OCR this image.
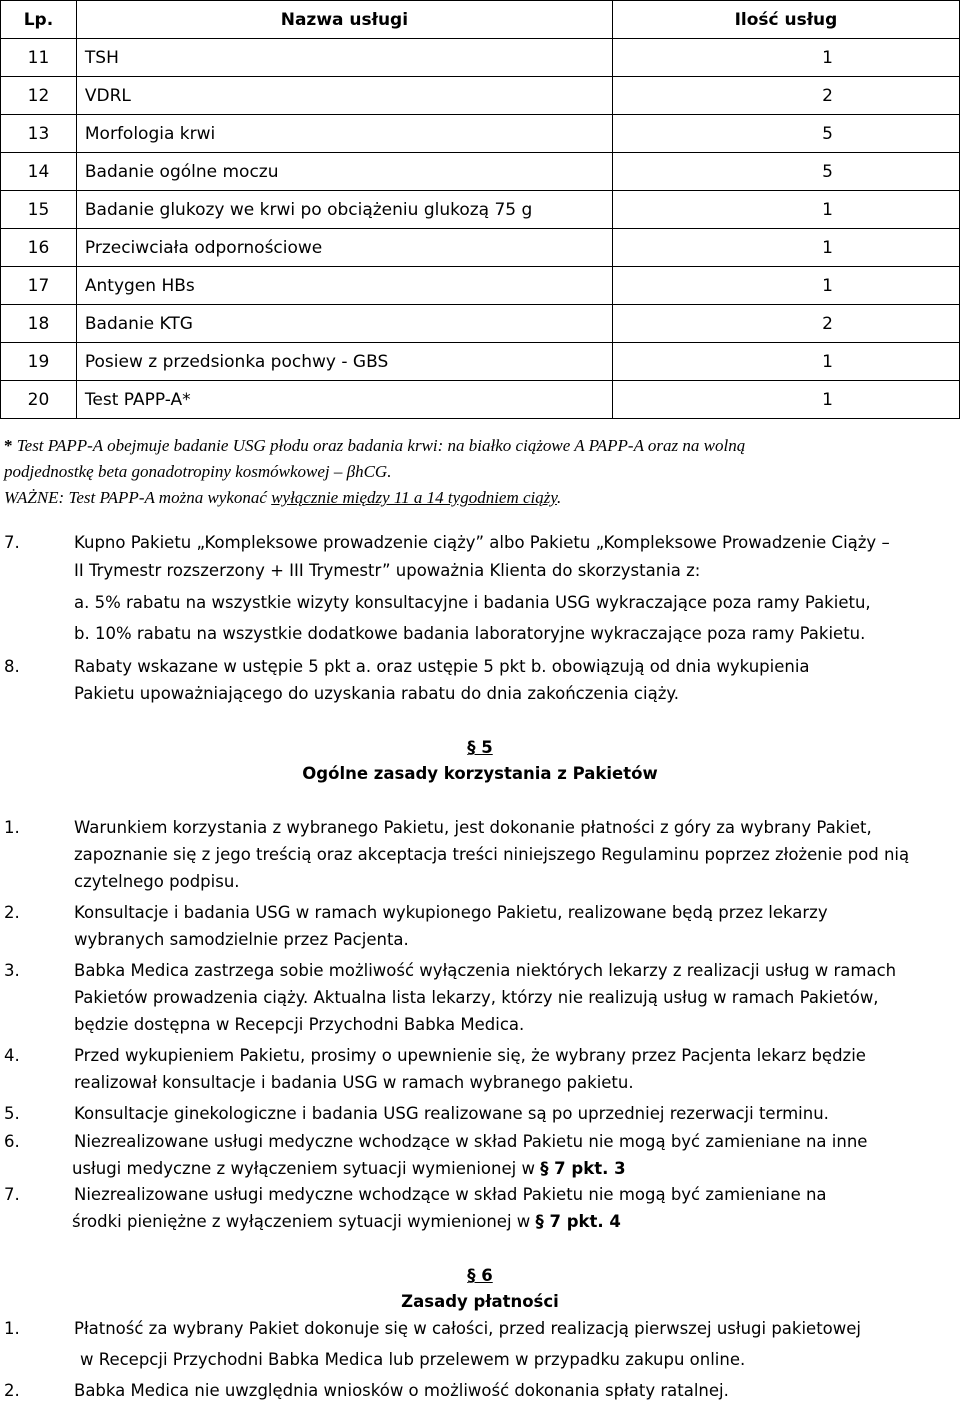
Lp.	Nazwa usługi	Ilość usług
11	TSH	1
12	VDRL	2
13	Morfologia krwi	5
14	Badanie ogólne moczu	5
15	Badanie glukozy we krwi po obciążeniu glukozą 75 g	1
16	Przeciwciała odpornościowe	1
17	Antygen HBs	1
18	Badanie KTG	2
19	Posiew z przedsionka pochwy - GBS	1
20	Test PAPP-A*	1
* Test PAPP-A obejmuje badanie USG płodu oraz badania krwi: na białko ciążowe A PAPP-A oraz na wolną
podjednostkę beta gonadotropiny kosmówkowej – βhCG.
WAŻNE: Test PAPP-A można wykonać wyłącznie między 11 a 14 tygodniem ciąży.
7.	Kupno Pakietu „Kompleksowe prowadzenie ciąży” albo Pakietu „Kompleksowe Prowadzenie Ciąży –
II Trymestr rozszerzony + III Trymestr” upoważnia Klienta do skorzystania z:
a. 5% rabatu na wszystkie wizyty konsultacyjne i badania USG wykraczające poza ramy Pakietu,
b. 10% rabatu na wszystkie dodatkowe badania laboratoryjne wykraczające poza ramy Pakietu.
8.	Rabaty wskazane w ustępie 5 pkt a. oraz ustępie 5 pkt b. obowiązują od dnia wykupienia
Pakietu upoważniającego do uzyskania rabatu do dnia zakończenia ciąży.
§ 5
Ogólne zasady korzystania z Pakietów
1.	Warunkiem korzystania z wybranego Pakietu, jest dokonanie płatności z góry za wybrany Pakiet,
zapoznanie się z jego treścią oraz akceptacja treści niniejszego Regulaminu poprzez złożenie pod nią
czytelnego podpisu.
2.	Konsultacje i badania USG w ramach wykupionego Pakietu, realizowane będą przez lekarzy
wybranych samodzielnie przez Pacjenta.
3.	Babka Medica zastrzega sobie możliwość wyłączenia niektórych lekarzy z realizacji usług w ramach
Pakietów prowadzenia ciąży. Aktualna lista lekarzy, którzy nie realizują usług w ramach Pakietów,
będzie dostępna w Recepcji Przychodni Babka Medica.
4.	Przed wykupieniem Pakietu, prosimy o upewnienie się, że wybrany przez Pacjenta lekarz będzie
realizował konsultacje i badania USG w ramach wybranego pakietu.
5.	Konsultacje ginekologiczne i badania USG realizowane są po uprzedniej rezerwacji terminu.
6.	Niezrealizowane usługi medyczne wchodzące w skład Pakietu nie mogą być zamieniane na inne
usługi medyczne z wyłączeniem sytuacji wymienionej w § 7 pkt. 3
7.	Niezrealizowane usługi medyczne wchodzące w skład Pakietu nie mogą być zamieniane na
środki pieniężne z wyłączeniem sytuacji wymienionej w § 7 pkt. 4
§ 6
Zasady płatności
1.	Płatność za wybrany Pakiet dokonuje się w całości, przed realizacją pierwszej usługi pakietowej
w Recepcji Przychodni Babka Medica lub przelewem w przypadku zakupu online.
2.	Babka Medica nie uwzględnia wniosków o możliwość dokonania spłaty ratalnej.
